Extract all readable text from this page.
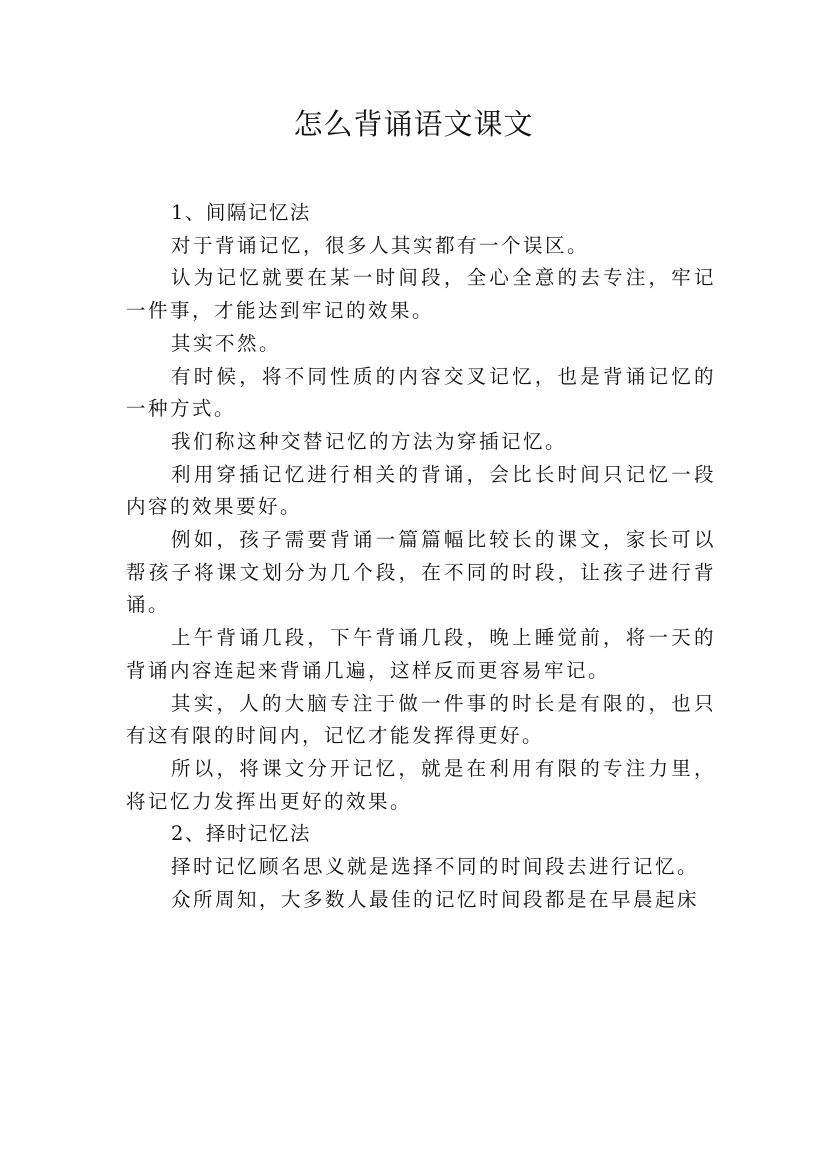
怎么背诵语文课文

1、间隔记忆法

对于背诵记忆，很多人其实都有一个误区。

认为记忆就要在某一时间段，全心全意的去专注，牢记一件事，才能达到牢记的效果。

其实不然。

有时候，将不同性质的内容交叉记忆，也是背诵记忆的一种方式。

我们称这种交替记忆的方法为穿插记忆。

利用穿插记忆进行相关的背诵，会比长时间只记忆一段内容的效果要好。

例如，孩子需要背诵一篇篇幅比较长的课文，家长可以帮孩子将课文划分为几个段，在不同的时段，让孩子进行背诵。

上午背诵几段，下午背诵几段，晚上睡觉前，将一天的背诵内容连起来背诵几遍，这样反而更容易牢记。

其实，人的大脑专注于做一件事的时长是有限的，也只有这有限的时间内，记忆才能发挥得更好。

所以，将课文分开记忆，就是在利用有限的专注力里，将记忆力发挥出更好的效果。

2、择时记忆法

择时记忆顾名思义就是选择不同的时间段去进行记忆。

众所周知，大多数人最佳的记忆时间段都是在早晨起床
